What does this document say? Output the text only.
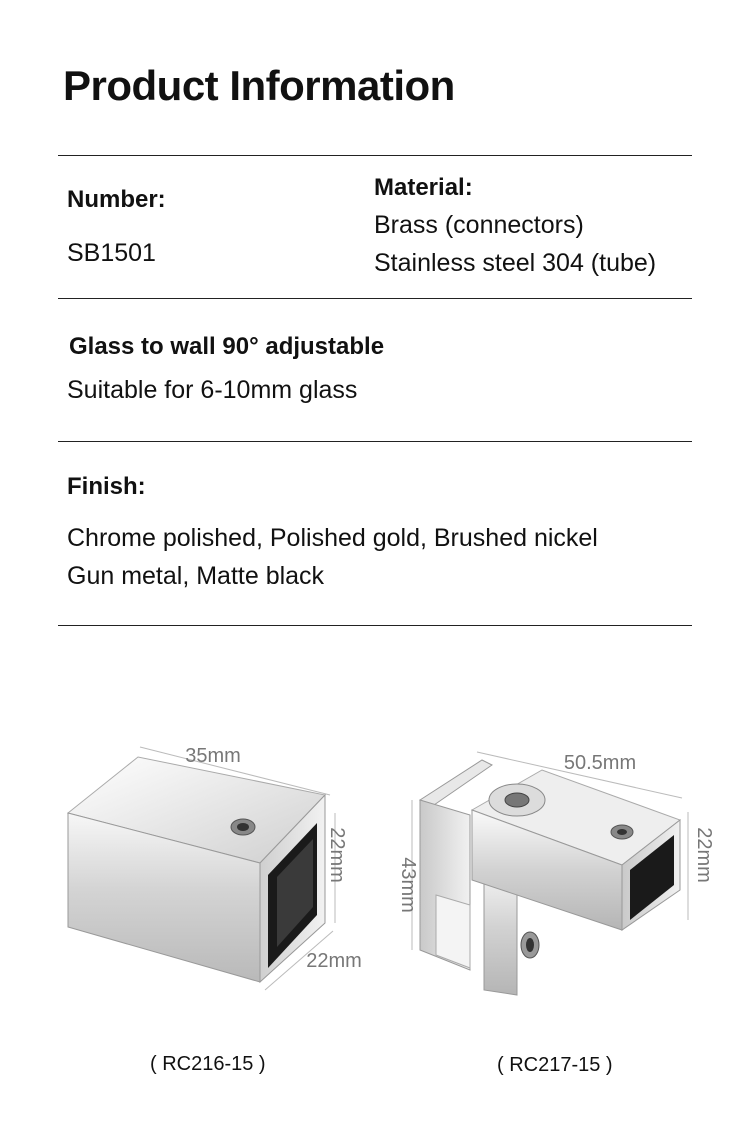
Product Information
Number:
SB1501
Material:
Brass (connectors)
Stainless steel 304 (tube)
Glass to wall 90° adjustable
Suitable for 6-10mm glass
Finish:
Chrome polished, Polished gold, Brushed nickel
Gun metal, Matte black
35mm
22mm
22mm
50.5mm
22mm
43mm
( RC216-15 )	( RC217-15 )
